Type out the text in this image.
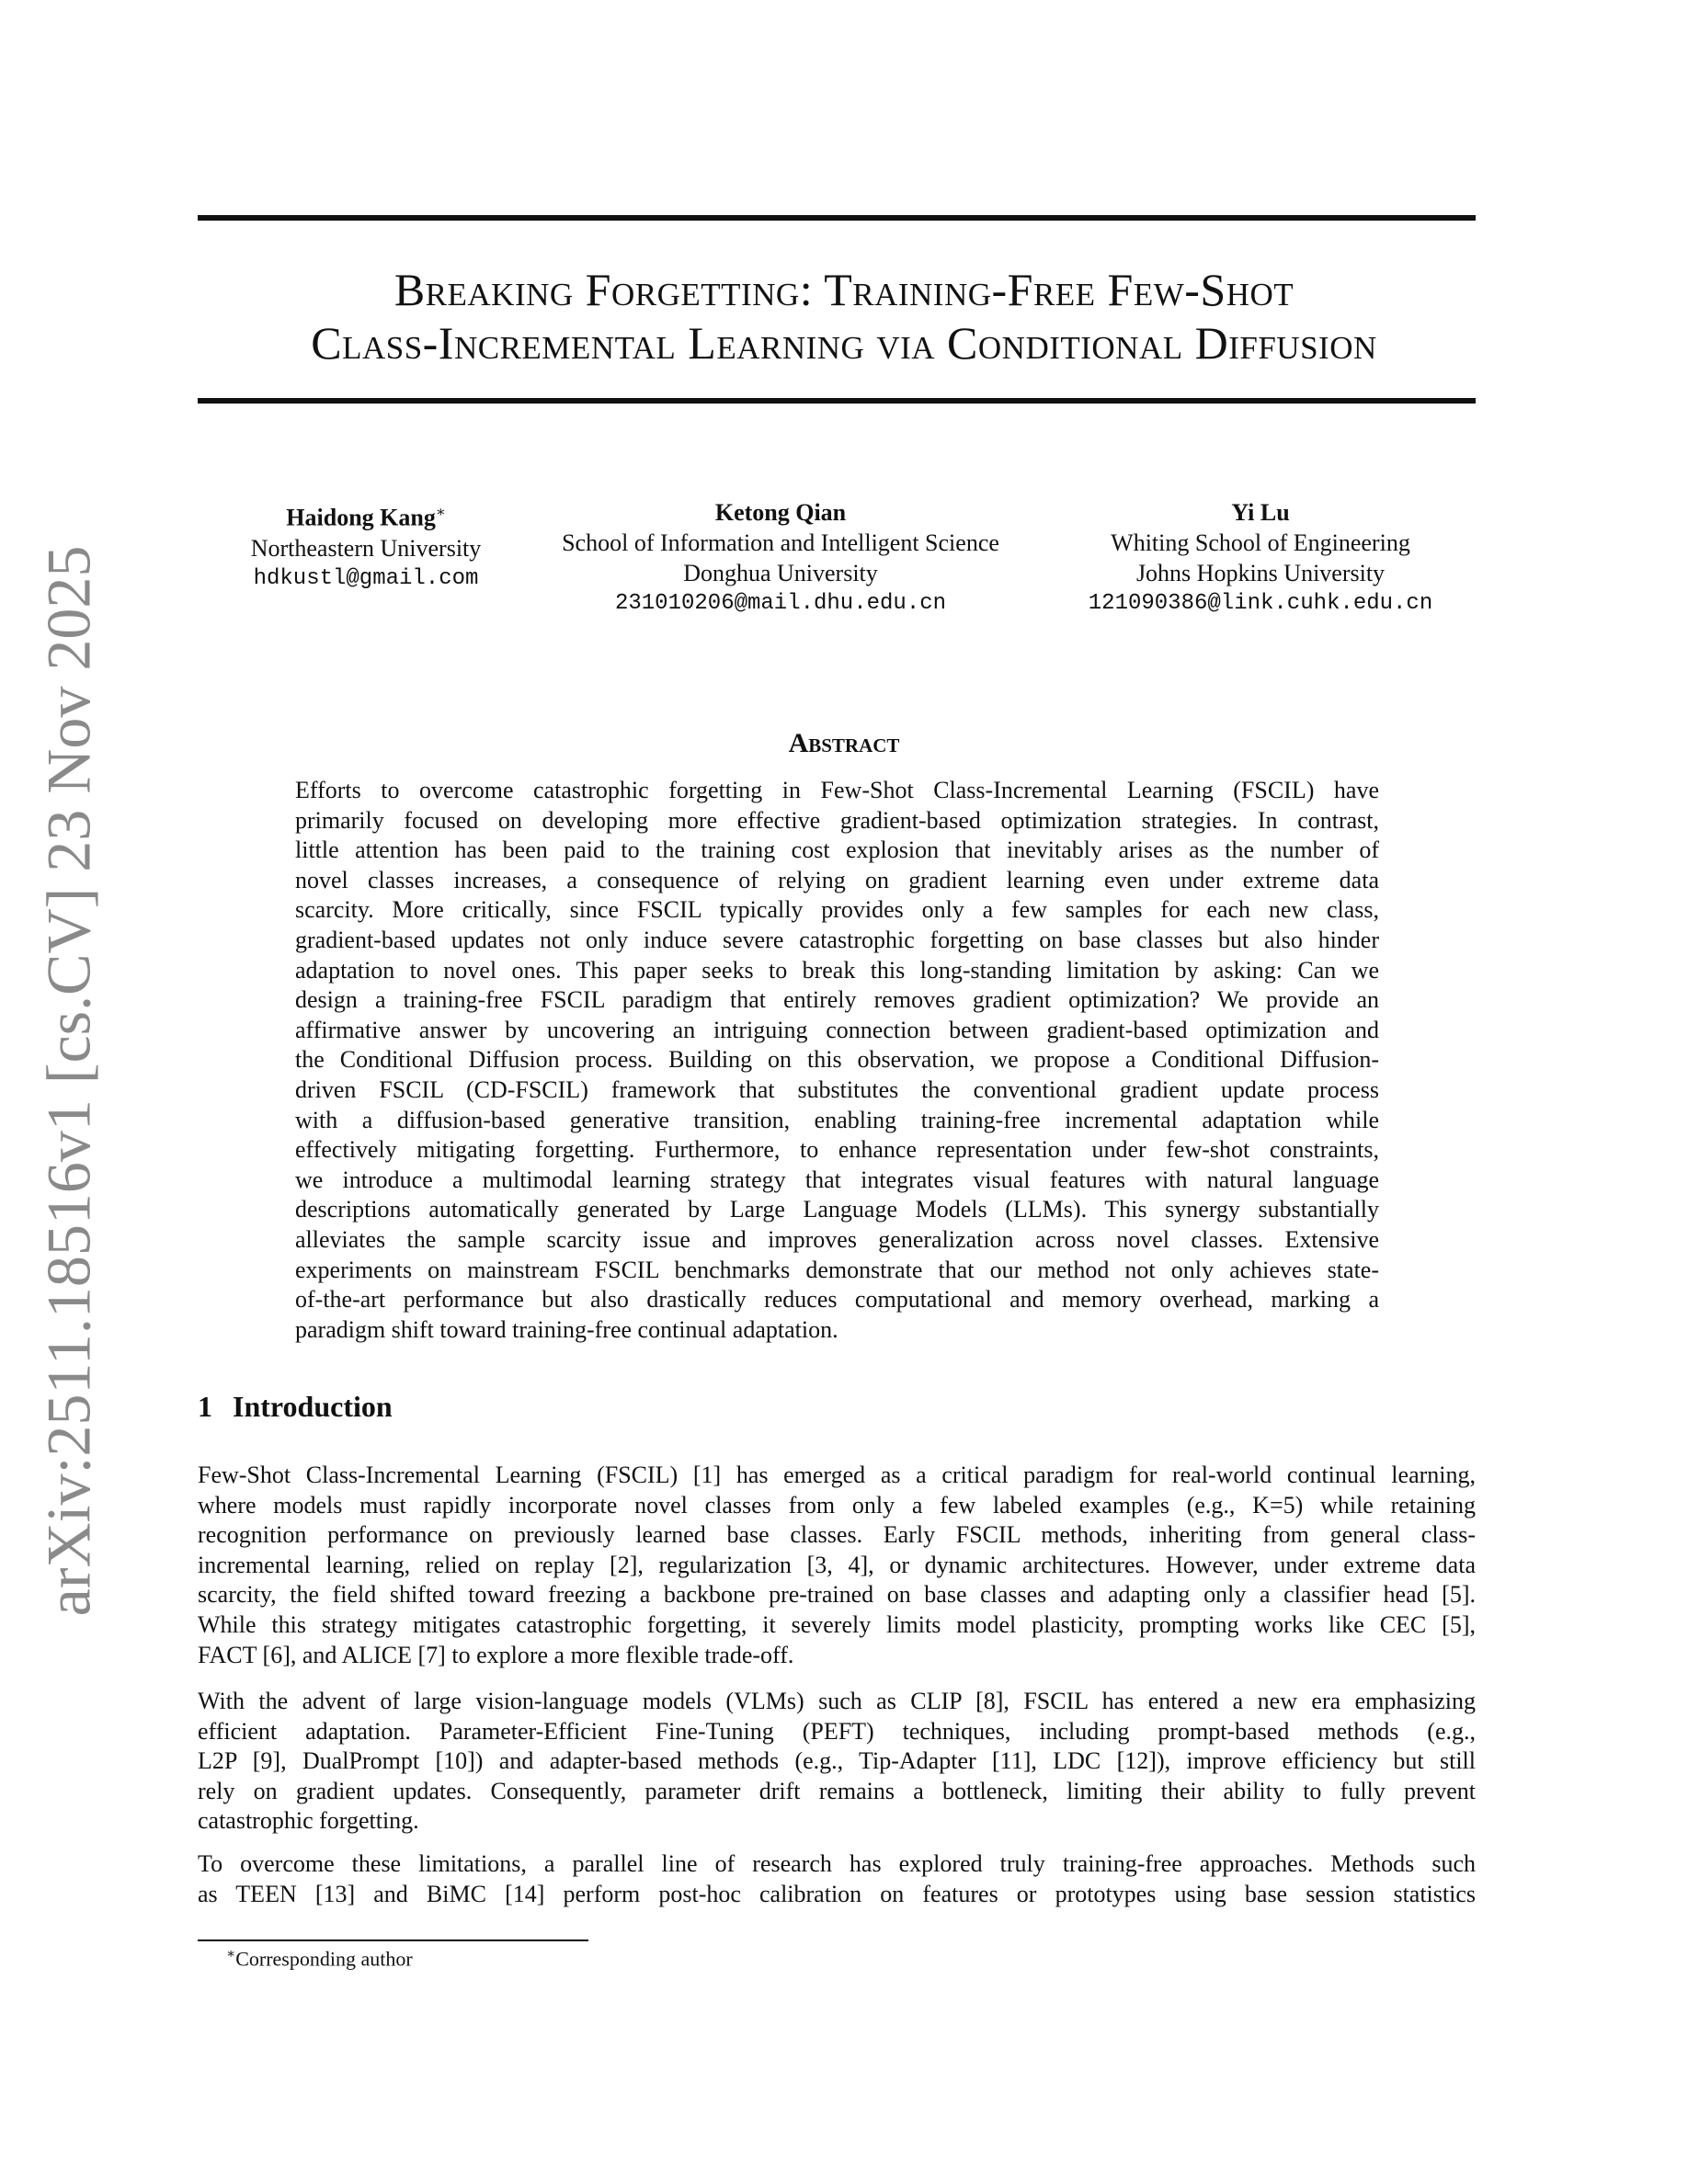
arXiv:2511.18516v1 [cs.CV] 23 Nov 2025
Breaking Forgetting: Training-Free Few-Shot
Class-Incremental Learning via Conditional Diffusion
Haidong Kang∗
Northeastern University
hdkustl@gmail.com
Ketong Qian
School of Information and Intelligent Science
Donghua University
231010206@mail.dhu.edu.cn
Yi Lu
Whiting School of Engineering
Johns Hopkins University
121090386@link.cuhk.edu.cn
Abstract
Efforts to overcome catastrophic forgetting in Few-Shot Class-Incremental Learning (FSCIL) have
primarily focused on developing more effective gradient-based optimization strategies. In contrast,
little attention has been paid to the training cost explosion that inevitably arises as the number of
novel classes increases, a consequence of relying on gradient learning even under extreme data
scarcity. More critically, since FSCIL typically provides only a few samples for each new class,
gradient-based updates not only induce severe catastrophic forgetting on base classes but also hinder
adaptation to novel ones. This paper seeks to break this long-standing limitation by asking: Can we
design a training-free FSCIL paradigm that entirely removes gradient optimization? We provide an
affirmative answer by uncovering an intriguing connection between gradient-based optimization and
the Conditional Diffusion process. Building on this observation, we propose a Conditional Diffusion-
driven FSCIL (CD-FSCIL) framework that substitutes the conventional gradient update process
with a diffusion-based generative transition, enabling training-free incremental adaptation while
effectively mitigating forgetting. Furthermore, to enhance representation under few-shot constraints,
we introduce a multimodal learning strategy that integrates visual features with natural language
descriptions automatically generated by Large Language Models (LLMs). This synergy substantially
alleviates the sample scarcity issue and improves generalization across novel classes. Extensive
experiments on mainstream FSCIL benchmarks demonstrate that our method not only achieves state-
of-the-art performance but also drastically reduces computational and memory overhead, marking a
paradigm shift toward training-free continual adaptation.
1 Introduction
Few-Shot Class-Incremental Learning (FSCIL) [1] has emerged as a critical paradigm for real-world continual learning,
where models must rapidly incorporate novel classes from only a few labeled examples (e.g., K=5) while retaining
recognition performance on previously learned base classes. Early FSCIL methods, inheriting from general class-
incremental learning, relied on replay [2], regularization [3, 4], or dynamic architectures. However, under extreme data
scarcity, the field shifted toward freezing a backbone pre-trained on base classes and adapting only a classifier head [5].
While this strategy mitigates catastrophic forgetting, it severely limits model plasticity, prompting works like CEC [5],
FACT [6], and ALICE [7] to explore a more flexible trade-off.
With the advent of large vision-language models (VLMs) such as CLIP [8], FSCIL has entered a new era emphasizing
efficient adaptation. Parameter-Efficient Fine-Tuning (PEFT) techniques, including prompt-based methods (e.g.,
L2P [9], DualPrompt [10]) and adapter-based methods (e.g., Tip-Adapter [11], LDC [12]), improve efficiency but still
rely on gradient updates. Consequently, parameter drift remains a bottleneck, limiting their ability to fully prevent
catastrophic forgetting.
To overcome these limitations, a parallel line of research has explored truly training-free approaches. Methods such
as TEEN [13] and BiMC [14] perform post-hoc calibration on features or prototypes using base session statistics
∗Corresponding author
